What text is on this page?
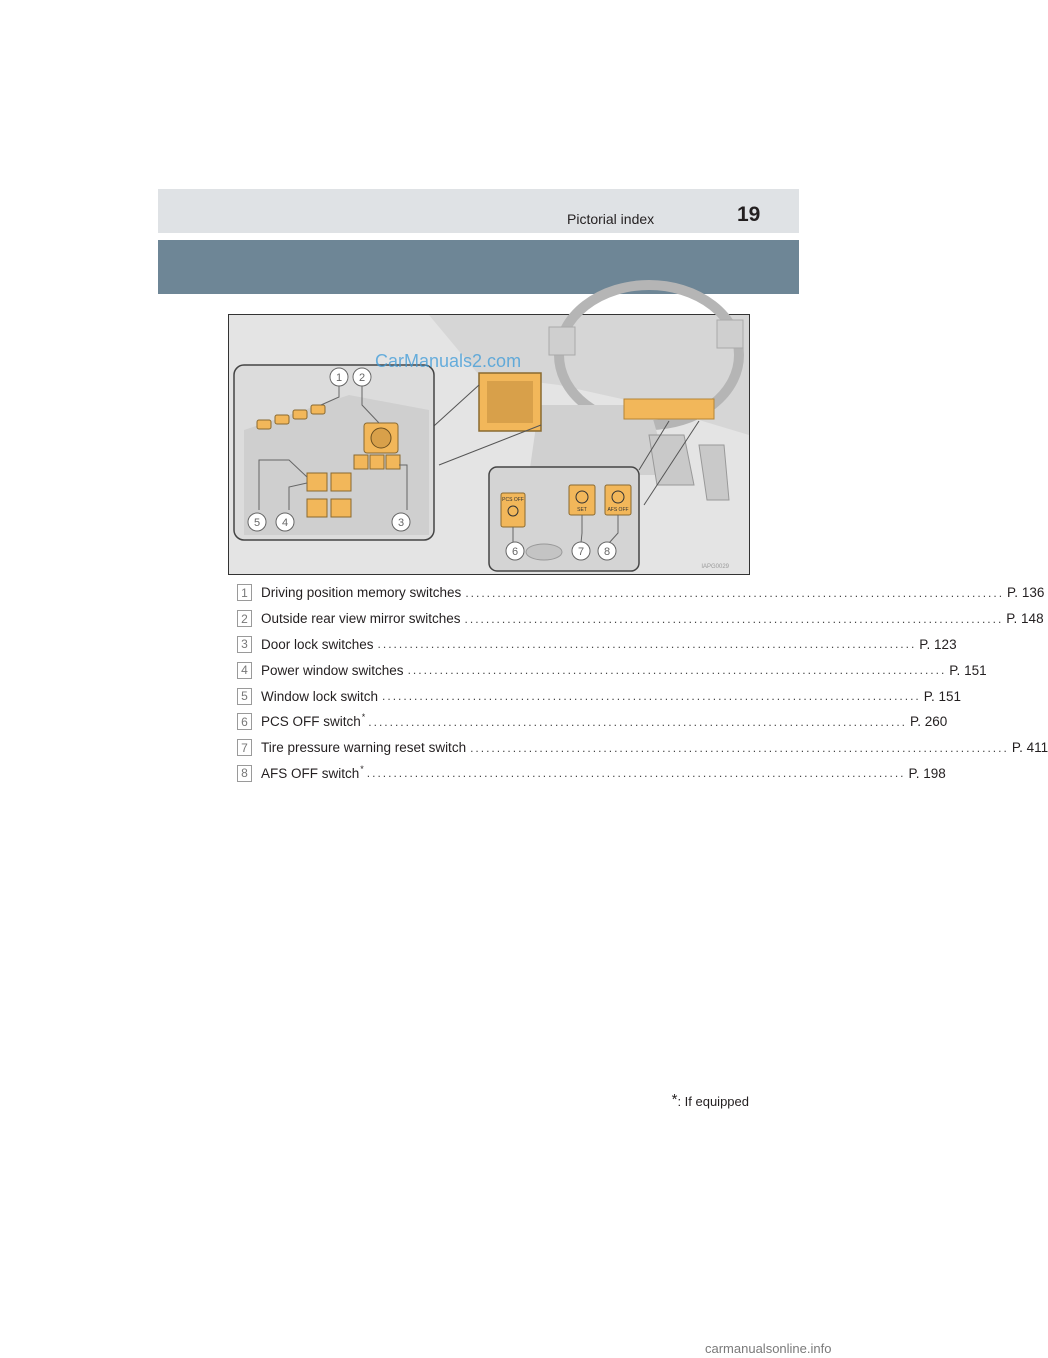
Pictorial index	19
1 2
3
4
5
PCS OFF
SET	AFS OFF
6	7 8
IAPG0029
CarManuals2.com
1 Driving position memory switches ..................................................................................................... P. 136
2 Outside rear view mirror switches ..................................................................................................... P. 148
3 Door lock switches ..................................................................................................... P. 123
4 Power window switches ..................................................................................................... P. 151
5 Window lock switch ..................................................................................................... P. 151
6 PCS OFF switch* ..................................................................................................... P. 260
7 Tire pressure warning reset switch ..................................................................................................... P. 411
8 AFS OFF switch* ..................................................................................................... P. 198
*: If equipped
carmanualsonline.info
